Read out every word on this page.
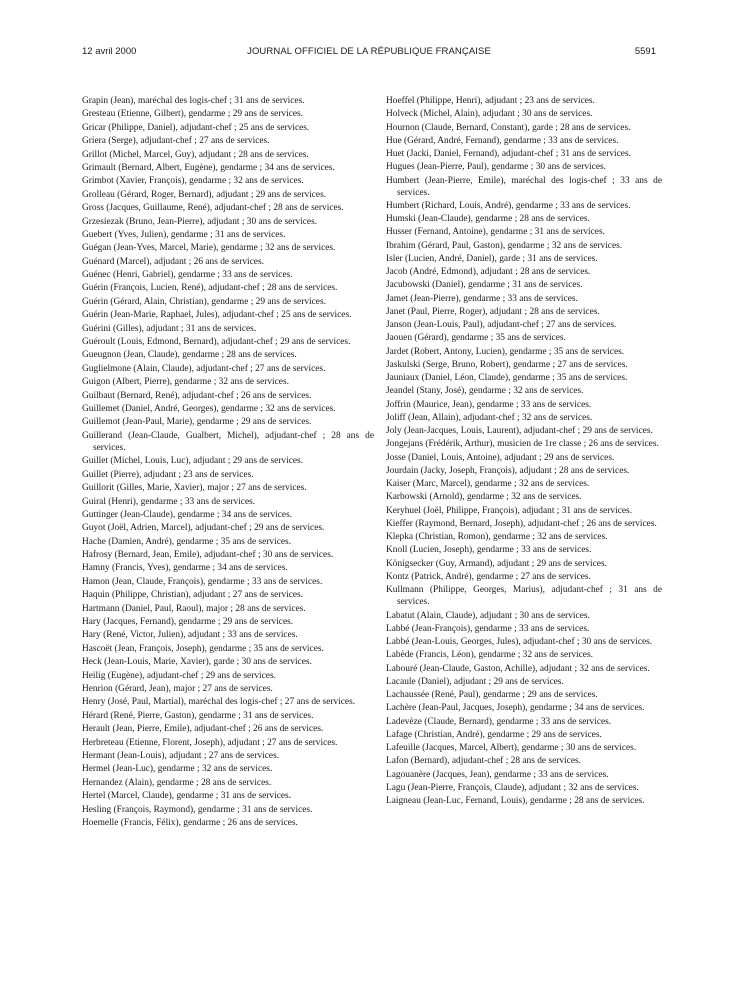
12 avril 2000	JOURNAL OFFICIEL DE LA RÉPUBLIQUE FRANÇAISE	5591

Grapin (Jean), maréchal des logis-chef ; 31 ans de services.

Gresteau (Etienne, Gilbert), gendarme ; 29 ans de services.

Gricar (Philippe, Daniel), adjudant-chef ; 25 ans de services.

Griera (Serge), adjudant-chef ; 27 ans de services.

Grillot (Michel, Marcel, Guy), adjudant ; 28 ans de services.

Grimault (Bernard, Albert, Eugène), gendarme ; 34 ans de services.

Grimbot (Xavier, François), gendarme ; 32 ans de services.

Grolleau (Gérard, Roger, Bernard), adjudant ; 29 ans de services.

Gross (Jacques, Guillaume, René), adjudant-chef ; 28 ans de services.

Grzesiezak (Bruno, Jean-Pierre), adjudant ; 30 ans de services.

Guebert (Yves, Julien), gendarme ; 31 ans de services.

Guégan (Jean-Yves, Marcel, Marie), gendarme ; 32 ans de services.

Guénard (Marcel), adjudant ; 26 ans de services.

Guénec (Henri, Gabriel), gendarme ; 33 ans de services.

Guérin (François, Lucien, René), adjudant-chef ; 28 ans de services.

Guérin (Gérard, Alain, Christian), gendarme ; 29 ans de services.

Guérin (Jean-Marie, Raphael, Jules), adjudant-chef ; 25 ans de services.

Guérini (Gilles), adjudant ; 31 ans de services.

Guéroult (Louis, Edmond, Bernard), adjudant-chef ; 29 ans de services.

Gueugnon (Jean, Claude), gendarme ; 28 ans de services.

Guglielmone (Alain, Claude), adjudant-chef ; 27 ans de services.

Guigon (Albert, Pierre), gendarme ; 32 ans de services.

Guilbaut (Bernard, René), adjudant-chef ; 26 ans de services.

Guillemet (Daniel, André, Georges), gendarme ; 32 ans de services.

Guillemot (Jean-Paul, Marie), gendarme ; 29 ans de services.

Guillerand (Jean-Claude, Gualbert, Michel), adjudant-chef ; 28 ans de services.

Guillet (Michel, Louis, Luc), adjudant ; 29 ans de services.

Guillet (Pierre), adjudant ; 23 ans de services.

Guillorit (Gilles, Marie, Xavier), major ; 27 ans de services.

Guiral (Henri), gendarme ; 33 ans de services.

Guttinger (Jean-Claude), gendarme ; 34 ans de services.

Guyot (Joël, Adrien, Marcel), adjudant-chef ; 29 ans de services.

Hache (Damien, André), gendarme ; 35 ans de services.

Hafrosy (Bernard, Jean, Emile), adjudant-chef ; 30 ans de services.

Hamny (Francis, Yves), gendarme ; 34 ans de services.

Hamon (Jean, Claude, François), gendarme ; 33 ans de services.

Haquin (Philippe, Christian), adjudant ; 27 ans de services.

Hartmann (Daniel, Paul, Raoul), major ; 28 ans de services.

Hary (Jacques, Fernand), gendarme ; 29 ans de services.

Hary (René, Victor, Julien), adjudant ; 33 ans de services.

Hascoët (Jean, François, Joseph), gendarme ; 35 ans de services.

Heck (Jean-Louis, Marie, Xavier), garde ; 30 ans de services.

Heilig (Eugène), adjudant-chef ; 29 ans de services.

Henrion (Gérard, Jean), major ; 27 ans de services.

Henry (José, Paul, Martial), maréchal des logis-chef ; 27 ans de services.

Hérard (René, Pierre, Gaston), gendarme ; 31 ans de services.

Herault (Jean, Pierre, Emile), adjudant-chef ; 26 ans de services.

Herbreteau (Etienne, Florent, Joseph), adjudant ; 27 ans de services.

Hermant (Jean-Louis), adjudant ; 27 ans de services.

Hermel (Jean-Luc), gendarme ; 32 ans de services.

Hernandez (Alain), gendarme ; 28 ans de services.

Hertel (Marcel, Claude), gendarme ; 31 ans de services.

Hesling (François, Raymond), gendarme ; 31 ans de services.

Hoemelle (Francis, Félix), gendarme ; 26 ans de services.

Hoeffel (Philippe, Henri), adjudant ; 23 ans de services.

Holveck (Michel, Alain), adjudant ; 30 ans de services.

Hournon (Claude, Bernard, Constant), garde ; 28 ans de services.

Hue (Gérard, André, Fernand), gendarme ; 33 ans de services.

Huet (Jacki, Daniel, Fernand), adjudant-chef ; 31 ans de services.

Hugues (Jean-Pierre, Paul), gendarme ; 30 ans de services.

Humbert (Jean-Pierre, Emile), maréchal des logis-chef ; 33 ans de services.

Humbert (Richard, Louis, André), gendarme ; 33 ans de services.

Humski (Jean-Claude), gendarme ; 28 ans de services.

Husser (Fernand, Antoine), gendarme ; 31 ans de services.

Ibrahim (Gérard, Paul, Gaston), gendarme ; 32 ans de services.

Isler (Lucien, André, Daniel), garde ; 31 ans de services.

Jacob (André, Edmond), adjudant ; 28 ans de services.

Jacubowski (Daniel), gendarme ; 31 ans de services.

Jamet (Jean-Pierre), gendarme ; 33 ans de services.

Janet (Paul, Pierre, Roger), adjudant ; 28 ans de services.

Janson (Jean-Louis, Paul), adjudant-chef ; 27 ans de services.

Jaouen (Gérard), gendarme ; 35 ans de services.

Jardet (Robert, Antony, Lucien), gendarme ; 35 ans de services.

Jaskulski (Serge, Bruno, Robert), gendarme ; 27 ans de services.

Jauniaux (Daniel, Léon, Claude), gendarme ; 35 ans de services.

Jeandel (Stany, José), gendarme ; 32 ans de services.

Joffrin (Maurice, Jean), gendarme ; 33 ans de services.

Joliff (Jean, Allain), adjudant-chef ; 32 ans de services.

Joly (Jean-Jacques, Louis, Laurent), adjudant-chef ; 29 ans de services.

Jongejans (Frédérik, Arthur), musicien de 1re classe ; 26 ans de services.

Josse (Daniel, Louis, Antoine), adjudant ; 29 ans de services.

Jourdain (Jacky, Joseph, François), adjudant ; 28 ans de services.

Kaiser (Marc, Marcel), gendarme ; 32 ans de services.

Karbowski (Arnold), gendarme ; 32 ans de services.

Keryhuel (Joël, Philippe, François), adjudant ; 31 ans de services.

Kieffer (Raymond, Bernard, Joseph), adjudant-chef ; 26 ans de services.

Klepka (Christian, Romon), gendarme ; 32 ans de services.

Knoll (Lucien, Joseph), gendarme ; 33 ans de services.

Königsecker (Guy, Armand), adjudant ; 29 ans de services.

Kontz (Patrick, André), gendarme ; 27 ans de services.

Kullmann (Philippe, Georges, Marius), adjudant-chef ; 31 ans de services.

Labatut (Alain, Claude), adjudant ; 30 ans de services.

Labbé (Jean-François), gendarme ; 33 ans de services.

Labbé (Jean-Louis, Georges, Jules), adjudant-chef ; 30 ans de services.

Labède (Francis, Léon), gendarme ; 32 ans de services.

Labouré (Jean-Claude, Gaston, Achille), adjudant ; 32 ans de services.

Lacaule (Daniel), adjudant ; 29 ans de services.

Lachaussée (René, Paul), gendarme ; 29 ans de services.

Lachère (Jean-Paul, Jacques, Joseph), gendarme ; 34 ans de services.

Ladevèze (Claude, Bernard), gendarme ; 33 ans de services.

Lafage (Christian, André), gendarme ; 29 ans de services.

Lafeuille (Jacques, Marcel, Albert), gendarme ; 30 ans de services.

Lafon (Bernard), adjudant-chef ; 28 ans de services.

Lagouanère (Jacques, Jean), gendarme ; 33 ans de services.

Lagu (Jean-Pierre, François, Claude), adjudant ; 32 ans de services.

Laigneau (Jean-Luc, Fernand, Louis), gendarme ; 28 ans de services.
